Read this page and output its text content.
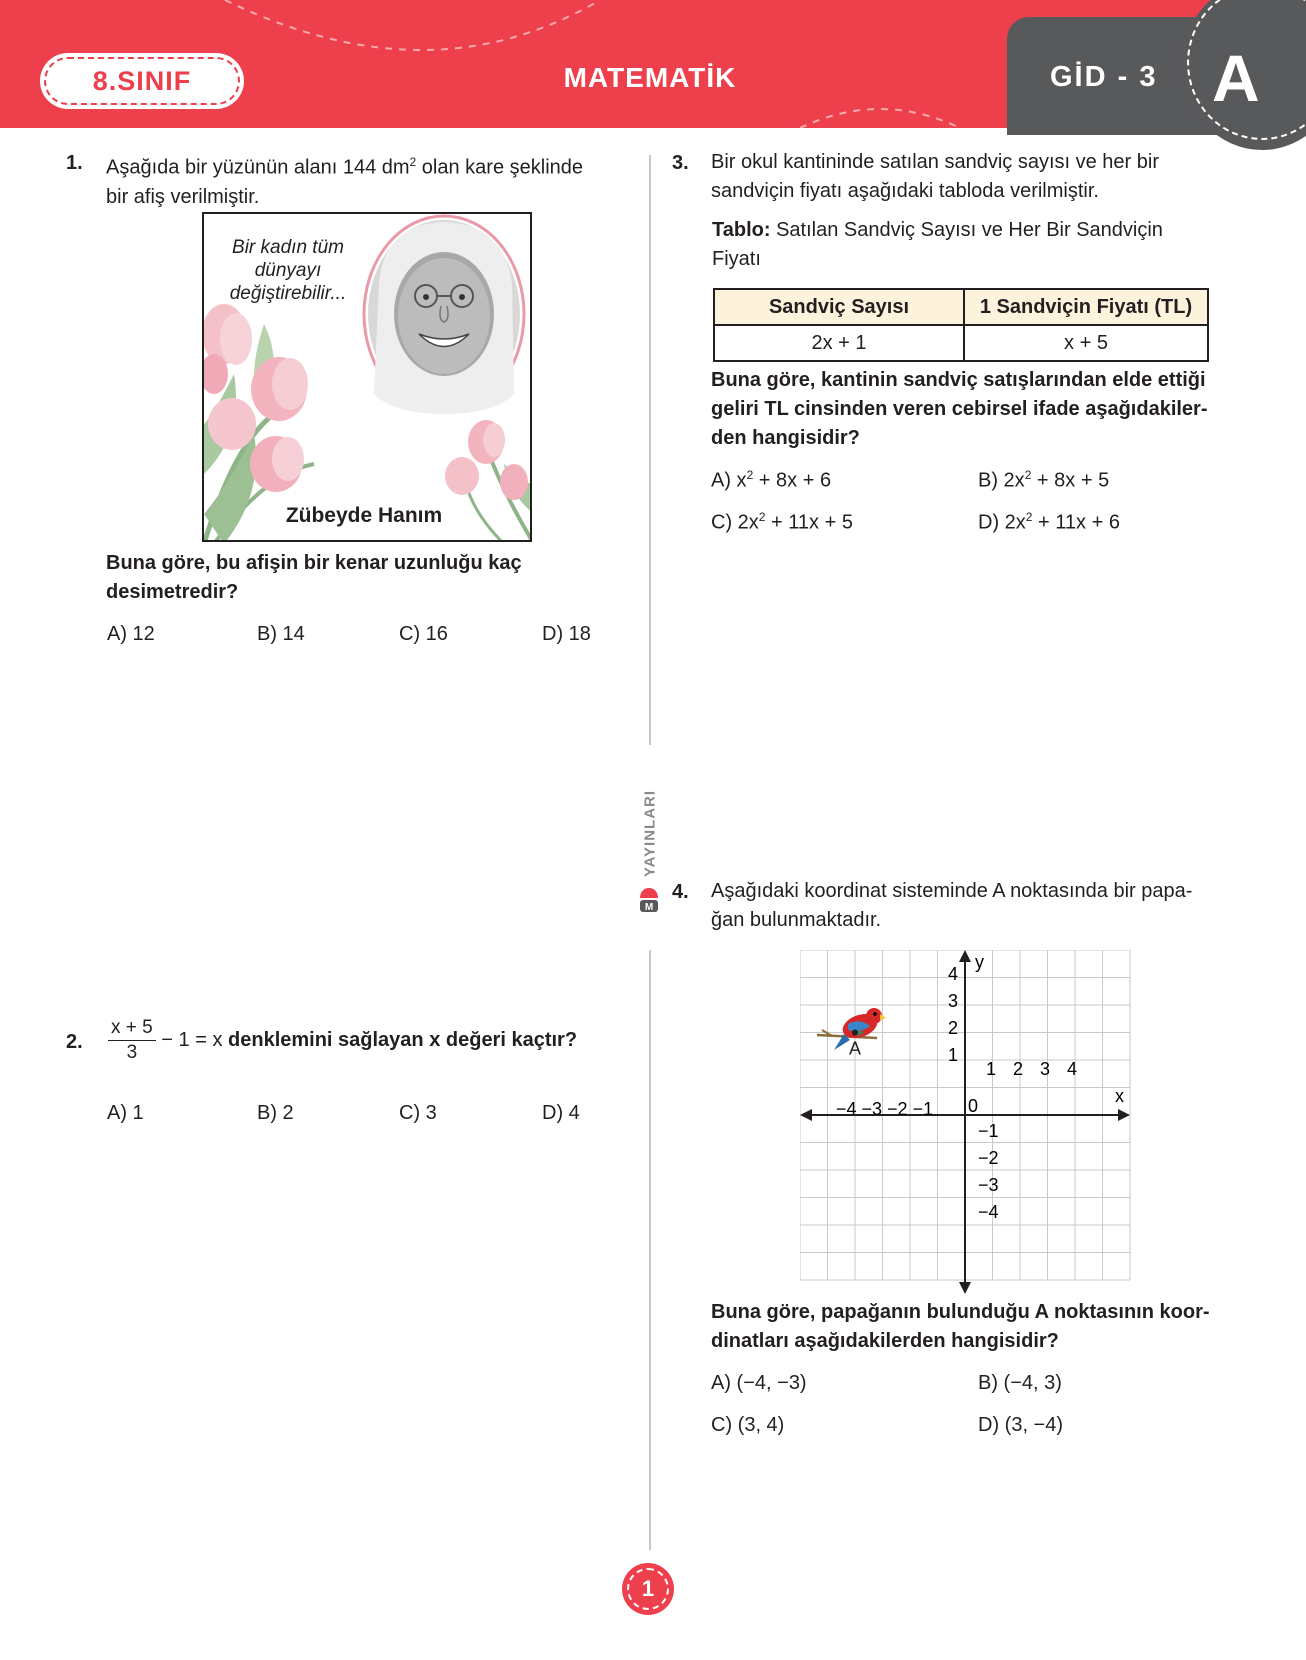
8.SINIF	MATEMATİK	GİD - 3 A
YAYINLARI
M
1. Aşağıda bir yüzünün alanı 144 $dm^2$ olan kare şeklinde
bir afiş verilmiştir.
Bir kadın tüm
dünyayı
değiştirebilir...
Zübeyde Hanım
Buna göre, bu afişin bir kenar uzunluğu kaç
desimetredir?
A) 12	B) 14	C) 16	D) 18
2. $\frac{x + 5}{3} - 1 = x$ denklemini sağlayan x değeri kaçtır?
A) 1	B) 2	C) 3	D) 4
3. Bir okul kantininde satılan sandviç sayısı ve her bir
sandviçin fiyatı aşağıdaki tabloda verilmiştir.
Tablo: Satılan Sandviç Sayısı ve Her Bir Sandviçin
Fiyatı
Sandviç Sayısı	1 Sandviçin Fiyatı (TL)
2x + 1	x + 5
Buna göre, kantinin sandviç satışlarından elde ettiği
geliri TL cinsinden veren cebirsel ifade aşağıdakiler-
den hangisidir?
A) $x^2 + 8x + 6$	B) $2x^2 + 8x + 5$
C) $2x^2 + 11x + 5$	D) $2x^2 + 11x + 6$
4. Aşağıdaki koordinat sisteminde A noktasında bir papa-
ğan bulunmaktadır.
A
4
3
2
1
1 2 3 4
−4 −3 −2 −1 0
−1
−2
−3
−4
y
x
Buna göre, papağanın bulunduğu A noktasının koor-
dinatları aşağıdakilerden hangisidir?
A) (−4, −3)	B) (−4, 3)
C) (3, 4)	D) (3, −4)
1
